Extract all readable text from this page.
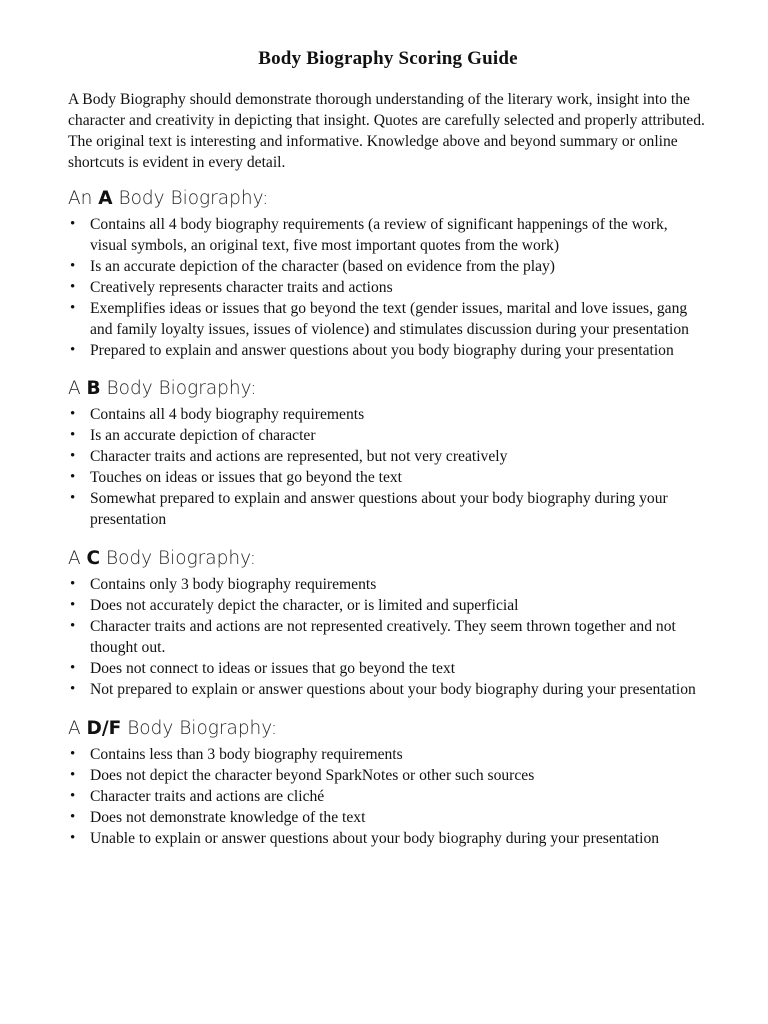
Body Biography Scoring Guide

A Body Biography should demonstrate thorough understanding of the literary work, insight into the character and creativity in depicting that insight. Quotes are carefully selected and properly attributed. The original text is interesting and informative. Knowledge above and beyond summary or online shortcuts is evident in every detail.

An A Body Biography:
• Contains all 4 body biography requirements (a review of significant happenings of the work, visual symbols, an original text, five most important quotes from the work)
• Is an accurate depiction of the character (based on evidence from the play)
• Creatively represents character traits and actions
• Exemplifies ideas or issues that go beyond the text (gender issues, marital and love issues, gang and family loyalty issues, issues of violence) and stimulates discussion during your presentation
• Prepared to explain and answer questions about you body biography during your presentation
A B Body Biography:
• Contains all 4 body biography requirements
• Is an accurate depiction of character
• Character traits and actions are represented, but not very creatively
• Touches on ideas or issues that go beyond the text
• Somewhat prepared to explain and answer questions about your body biography during your presentation
A C Body Biography:
• Contains only 3 body biography requirements
• Does not accurately depict the character, or is limited and superficial
• Character traits and actions are not represented creatively. They seem thrown together and not thought out.
• Does not connect to ideas or issues that go beyond the text
• Not prepared to explain or answer questions about your body biography during your presentation
A D/F Body Biography:
• Contains less than 3 body biography requirements
• Does not depict the character beyond SparkNotes or other such sources
• Character traits and actions are cliché
• Does not demonstrate knowledge of the text
• Unable to explain or answer questions about your body biography during your presentation
